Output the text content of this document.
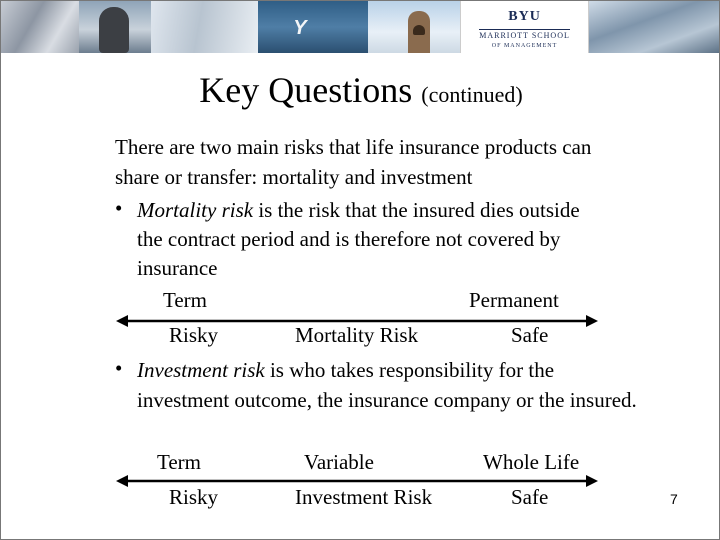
Y
BYU
MARRIOTT SCHOOL
OF MANAGEMENT
Key Questions (continued)
There are two main risks that life insurance products can share or transfer: mortality and investment
• Mortality risk is the risk that the insured dies outside the contract period and is therefore not covered by insurance
Term	Permanent
Risky	Mortality Risk	Safe
• Investment risk is who takes responsibility for the investment outcome, the insurance company or the insured.
Term	Variable	Whole Life
Risky	Investment Risk	Safe	7
